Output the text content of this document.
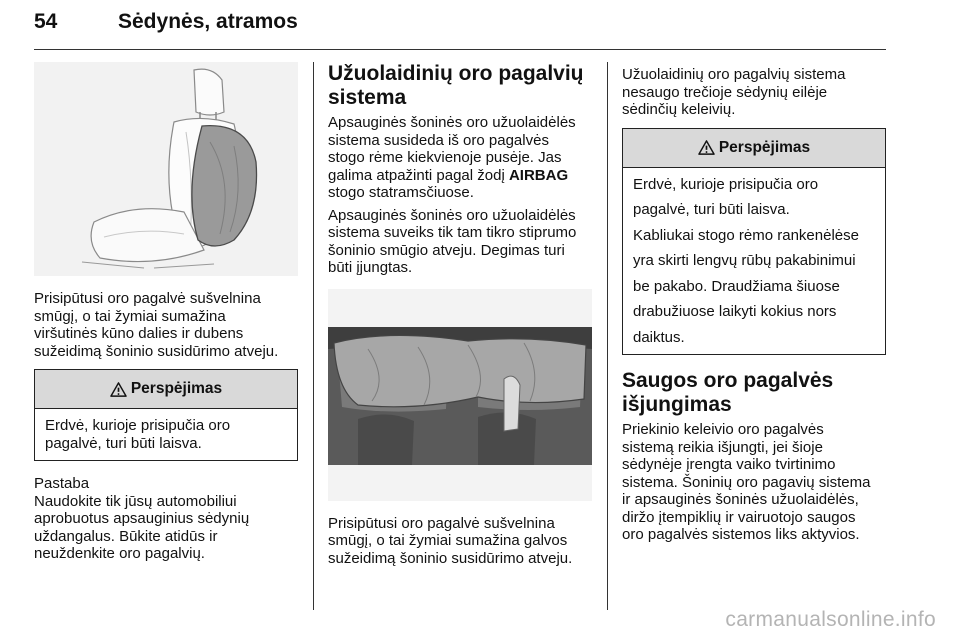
54	Sėdynės, atramos

Prisipūtusi oro pagalvė sušvelnina

smūgį, o tai žymiai sumažina

viršutinės kūno dalies ir dubens

sužeidimą šoninio susidūrimo atveju.

Perspėjimas

Erdvė, kurioje prisipučia oro

pagalvė, turi būti laisva.

Pastaba

Naudokite tik jūsų automobiliui

aprobuotus apsauginius sėdynių

uždangalus. Būkite atidūs ir

neuždenkite oro pagalvių.

Užuolaidinių oro pagalvių

sistema

Apsauginės šoninės oro užuolaidėlės

sistema susideda iš oro pagalvės

stogo rėme kiekvienoje pusėje. Jas

galima atpažinti pagal žodį AIRBAG

stogo statramsčiuose.

Apsauginės šoninės oro užuolaidėlės

sistema suveiks tik tam tikro stiprumo

šoninio smūgio atveju. Degimas turi

būti įjungtas.

Prisipūtusi oro pagalvė sušvelnina

smūgį, o tai žymiai sumažina galvos

sužeidimą šoninio susidūrimo atveju.

Užuolaidinių oro pagalvių sistema

nesaugo trečioje sėdynių eilėje

sėdinčių keleivių.

Perspėjimas

Erdvė, kurioje prisipučia oro

pagalvė, turi būti laisva.

Kabliukai stogo rėmo rankenėlėse

yra skirti lengvų rūbų pakabinimui

be pakabo. Draudžiama šiuose

drabužiuose laikyti kokius nors

daiktus.

Saugos oro pagalvės

išjungimas

Priekinio keleivio oro pagalvės

sistemą reikia išjungti, jei šioje

sėdynėje įrengta vaiko tvirtinimo

sistema. Šoninių oro pagavių sistema

ir apsauginės šoninės užuolaidėlės,

diržo įtempiklių ir vairuotojo saugos

oro pagalvės sistemos liks aktyvios.

carmanualsonline.info
